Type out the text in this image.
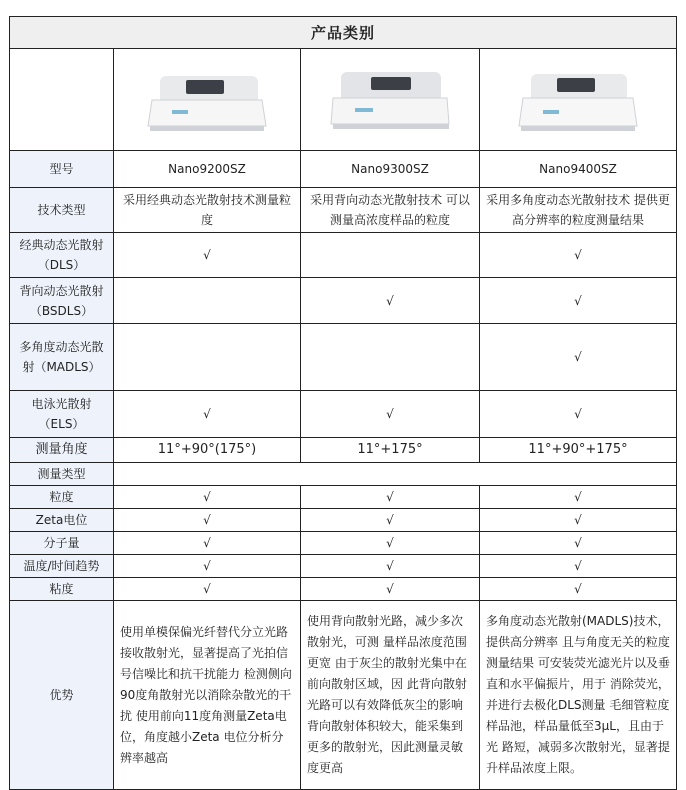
产品类别			

型号	Nano9200SZ	Nano9300SZ	Nano9400SZ
技术类型	采用经典动态光散射技术测量粒度	采用背向动态光散射技术 可以测量高浓度样品的粒度	采用多角度动态光散射技术 提供更高分辨率的粒度测量结果
经典动态光散射（DLS）	√		√
背向动态光散射（BSDLS）		√	√
多角度动态光散射（MADLS）			√
电泳光散射（ELS）	√	√	√
测量角度	11°+90°(175°)	11°+175°	11°+90°+175°
测量类型			
粒度	√	√	√
Zeta电位	√	√	√
分子量	√	√	√
温度/时间趋势	√	√	√
粘度	√	√	√
优势	使用单模保偏光纤替代分立光路接收散射光，显著提高了光拍信号信噪比和抗干扰能力 检测侧向90度角散射光以消除杂散光的干扰 使用前向11度角测量Zeta电位，角度越小Zeta 电位分析分辨率越高	使用背向散射光路，减少多次散射光，可测 量样品浓度范围更宽 由于灰尘的散射光集中在前向散射区域，因 此背向散射光路可以有效降低灰尘的影响 背向散射体积较大，能采集到更多的散射光，因此测量灵敏度更高	多角度动态光散射(MADLS)技术，提供高分辨率 且与角度无关的粒度测量结果 可安装荧光滤光片以及垂直和水平偏振片，用于 消除荧光，并进行去极化DLS测量 毛细管粒度样品池，样品量低至3μL，且由于光 路短，减弱多次散射光，显著提升样品浓度上限。
